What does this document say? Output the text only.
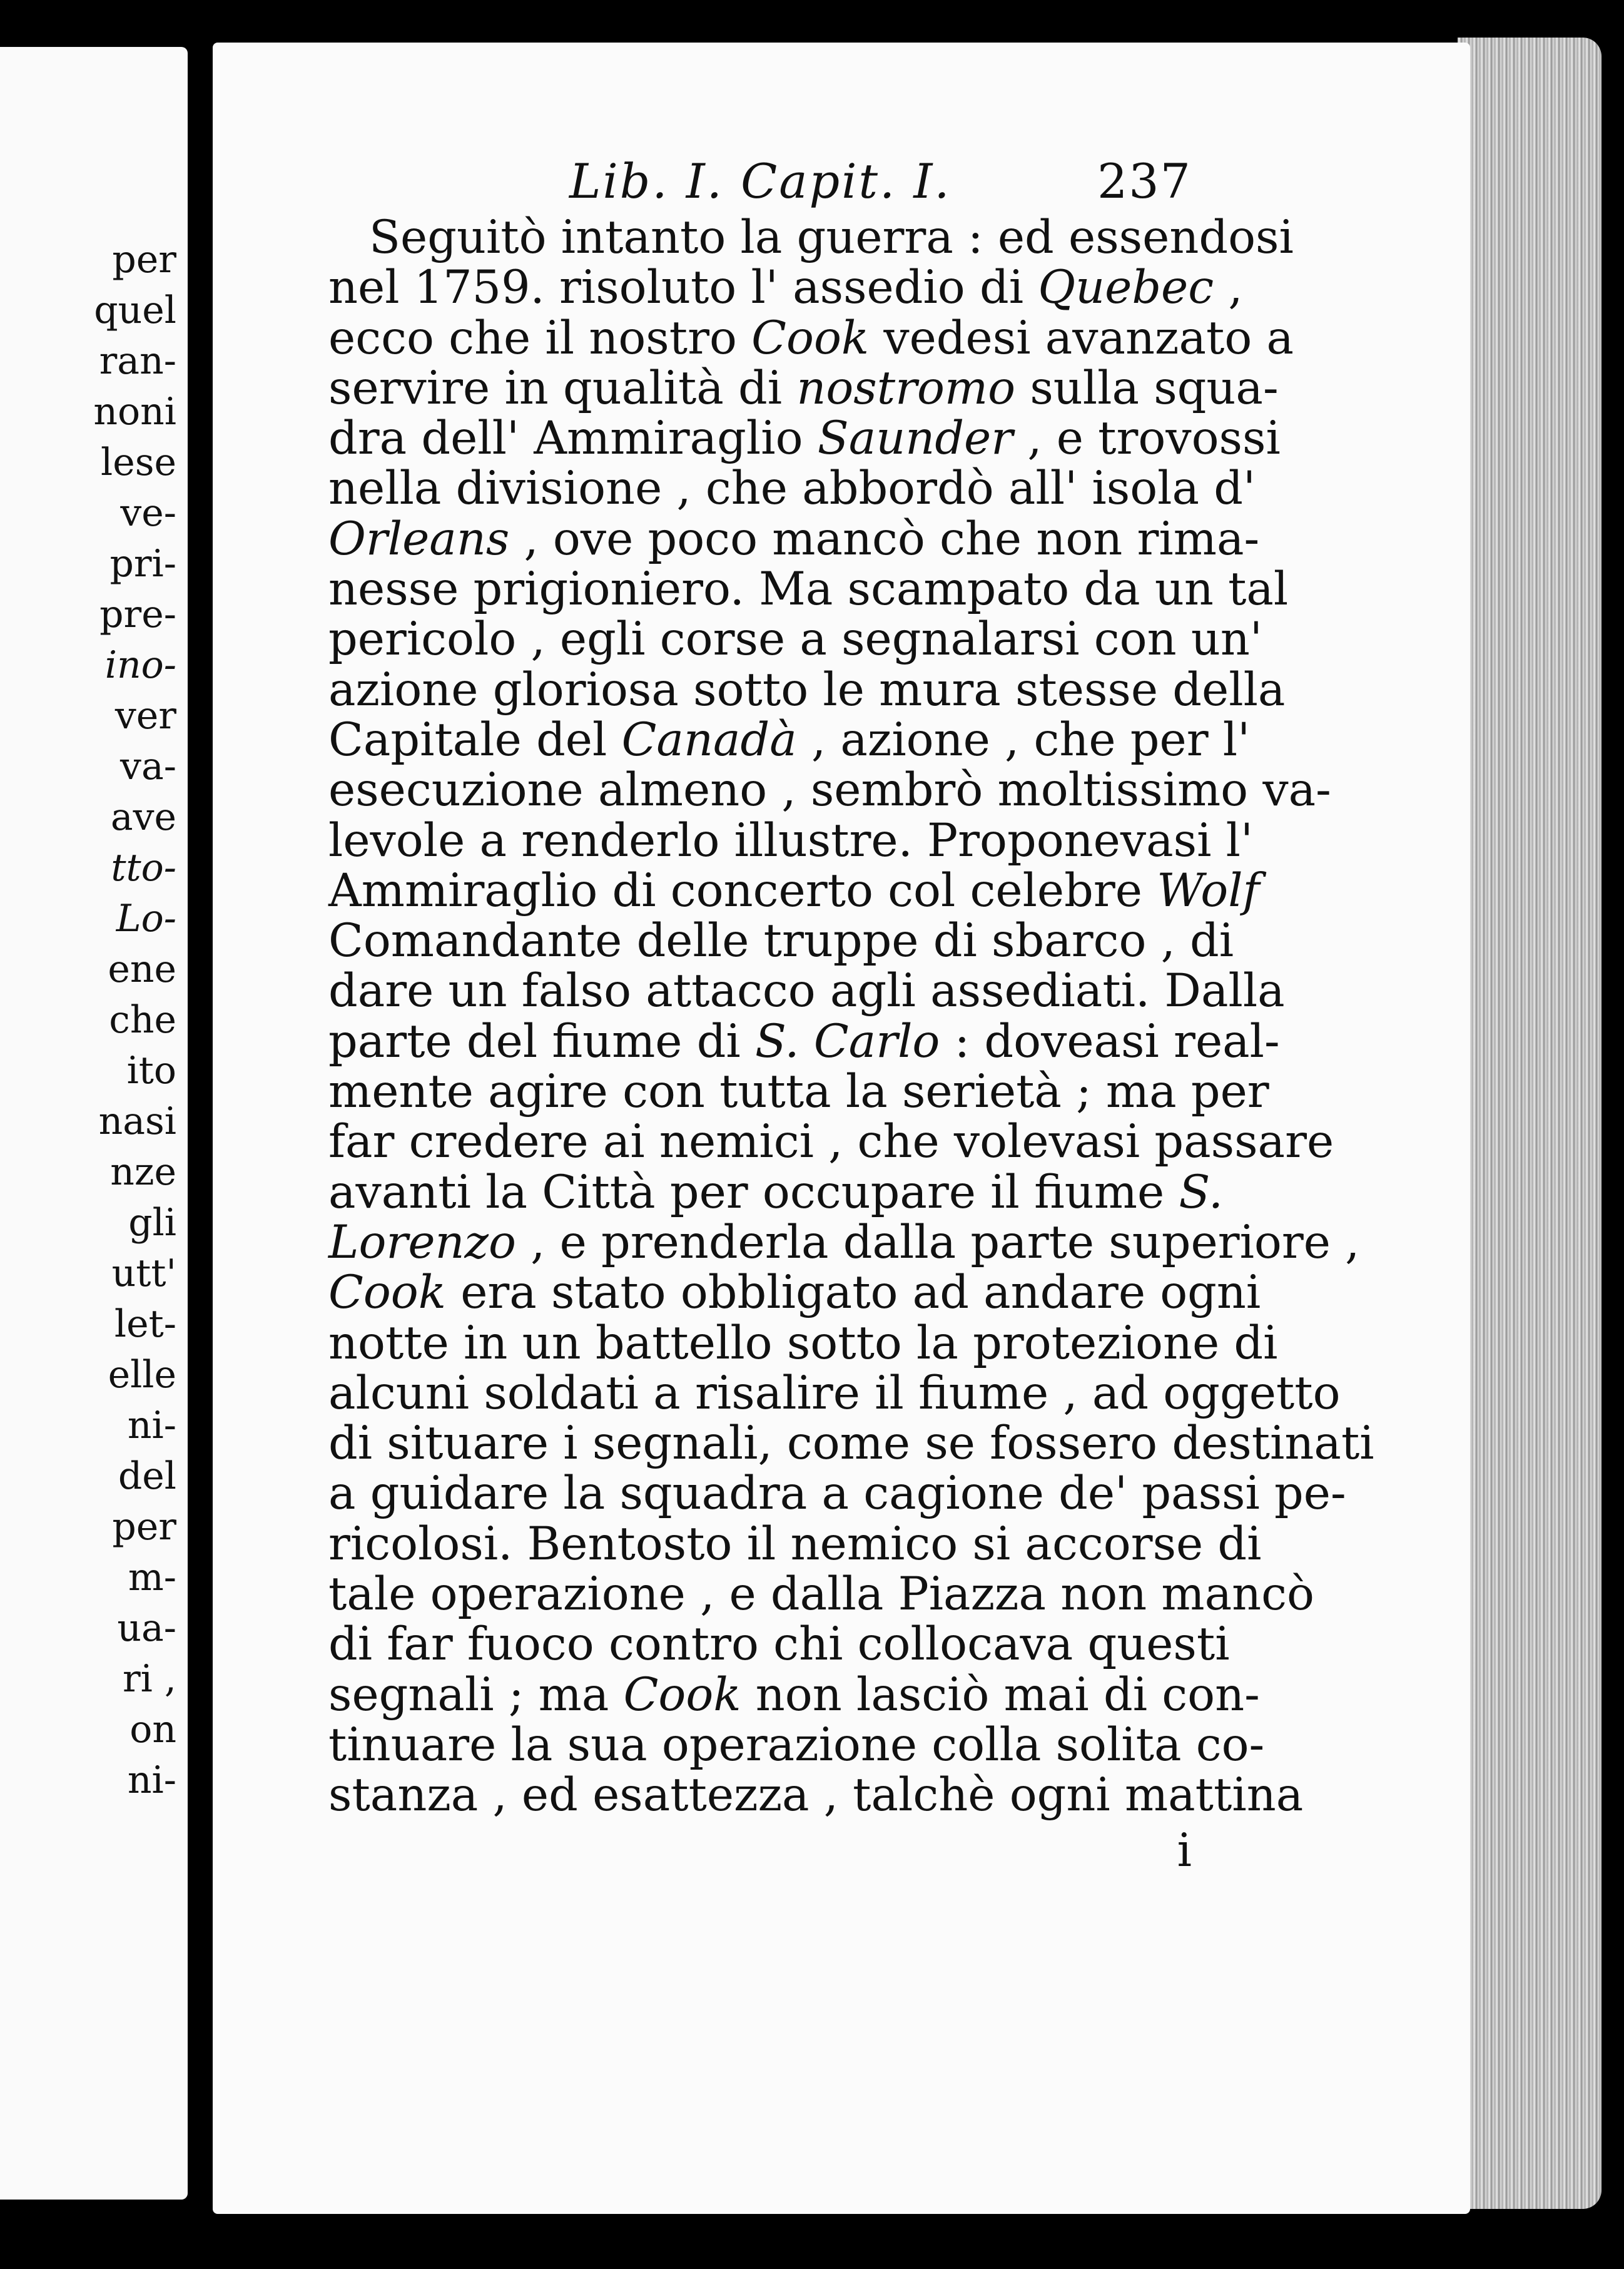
per
quel
ran-
noni
lese
ve-
pri-
pre-
ino-
ver
va-
ave
tto-
Lo-
ene
che
ito
nasi
nze
gli
utt'
let-
elle
ni-
del
per
m-
ua-
ri ,
on
ni-
Lib. I. Capit. I.	237
Seguitò intanto la guerra : ed essendosi
nel 1759. risoluto l' assedio di Quebec ,
ecco che il nostro Cook vedesi avanzato a
servire in qualità di nostromo sulla squa-
dra dell' Ammiraglio Saunder , e trovossi
nella divisione , che abbordò all' isola d'
Orleans , ove poco mancò che non rima-
nesse prigioniero. Ma scampato da un tal
pericolo , egli corse a segnalarsi con un'
azione gloriosa sotto le mura stesse della
Capitale del Canadà , azione , che per l'
esecuzione almeno , sembrò moltissimo va-
levole a renderlo illustre. Proponevasi l'
Ammiraglio di concerto col celebre Wolf
Comandante delle truppe di sbarco , di
dare un falso attacco agli assediati. Dalla
parte del fiume di S. Carlo : doveasi real-
mente agire con tutta la serietà ; ma per
far credere ai nemici , che volevasi passare
avanti la Città per occupare il fiume S.
Lorenzo , e prenderla dalla parte superiore ,
Cook era stato obbligato ad andare ogni
notte in un battello sotto la protezione di
alcuni soldati a risalire il fiume , ad oggetto
di situare i segnali, come se fossero destinati
a guidare la squadra a cagione de' passi pe-
ricolosi. Bentosto il nemico si accorse di
tale operazione , e dalla Piazza non mancò
di far fuoco contro chi collocava questi
segnali ; ma Cook non lasciò mai di con-
tinuare la sua operazione colla solita co-
stanza , ed esattezza , talchè ogni mattina
i
